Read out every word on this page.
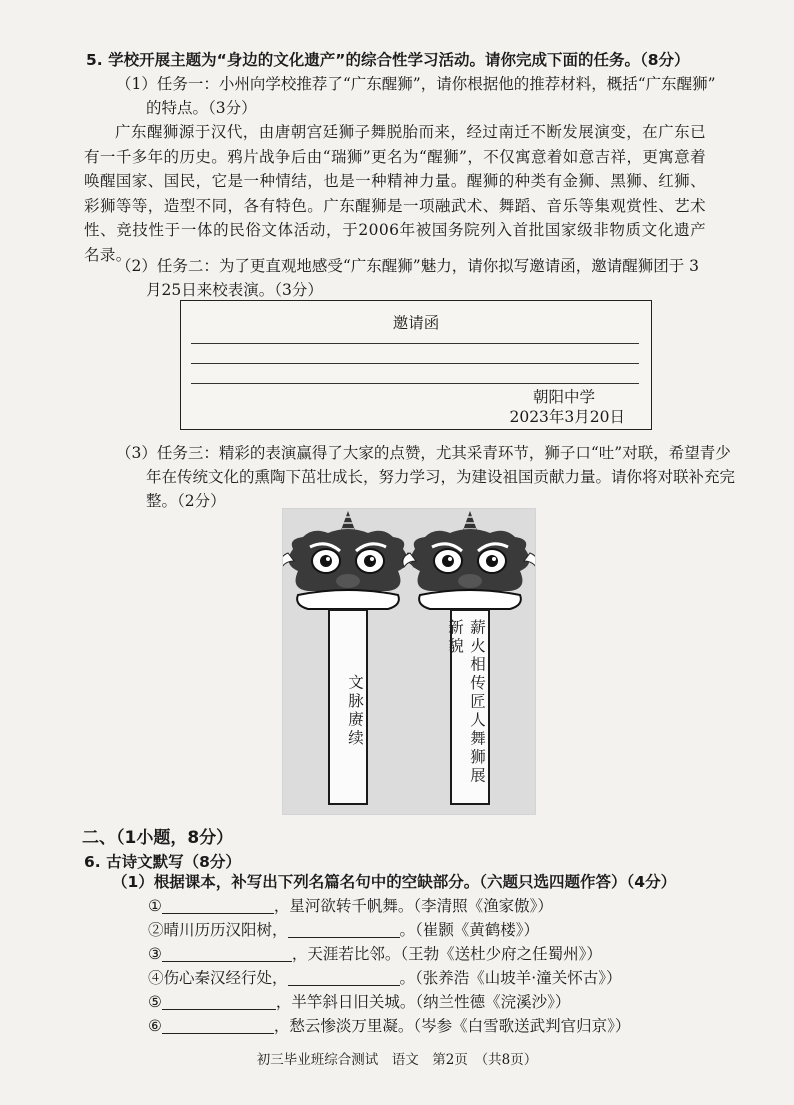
5. 学校开展主题为“身边的文化遗产”的综合性学习活动。请你完成下面的任务。（8分）
（1）任务一：小州向学校推荐了“广东醒狮”，请你根据他的推荐材料，概括“广东醒狮”
的特点。（3分）
广东醒狮源于汉代，由唐朝宫廷狮子舞脱胎而来，经过南迁不断发展演变，在广东已有一千多年的历史。鸦片战争后由“瑞狮”更名为“醒狮”，不仅寓意着如意吉祥，更寓意着唤醒国家、国民，它是一种情结，也是一种精神力量。醒狮的种类有金狮、黑狮、红狮、彩狮等等，造型不同，各有特色。广东醒狮是一项融武术、舞蹈、音乐等集观赏性、艺术性、竞技性于一体的民俗文体活动，于2006年被国务院列入首批国家级非物质文化遗产名录。
（2）任务二：为了更直观地感受“广东醒狮”魅力，请你拟写邀请函，邀请醒狮团于 3
月25日来校表演。（3分）
邀请函
朝阳中学
2023年3月20日
（3）任务三：精彩的表演赢得了大家的点赞，尤其采青环节，狮子口“吐”对联，希望青少
年在传统文化的熏陶下茁壮成长，努力学习，为建设祖国贡献力量。请你将对联补充完
整。（2分）
文脉赓续	薪火相传匠人舞狮展新貌
二、（1小题，8分）
6. 古诗文默写（8分）
（1）根据课本，补写出下列名篇名句中的空缺部分。（六题只选四题作答）（4分）
①	，星河欲转千帆舞。（李清照《渔家傲》）
②晴川历历汉阳树，	。（崔颢《黄鹤楼》）
③	，天涯若比邻。（王勃《送杜少府之任蜀州》）
④伤心秦汉经行处，	。（张养浩《山坡羊·潼关怀古》）
⑤	，半竿斜日旧关城。（纳兰性德《浣溪沙》）
⑥	，愁云惨淡万里凝。（岑参《白雪歌送武判官归京》）
初三毕业班综合测试　语文　第2页　（共8页）
